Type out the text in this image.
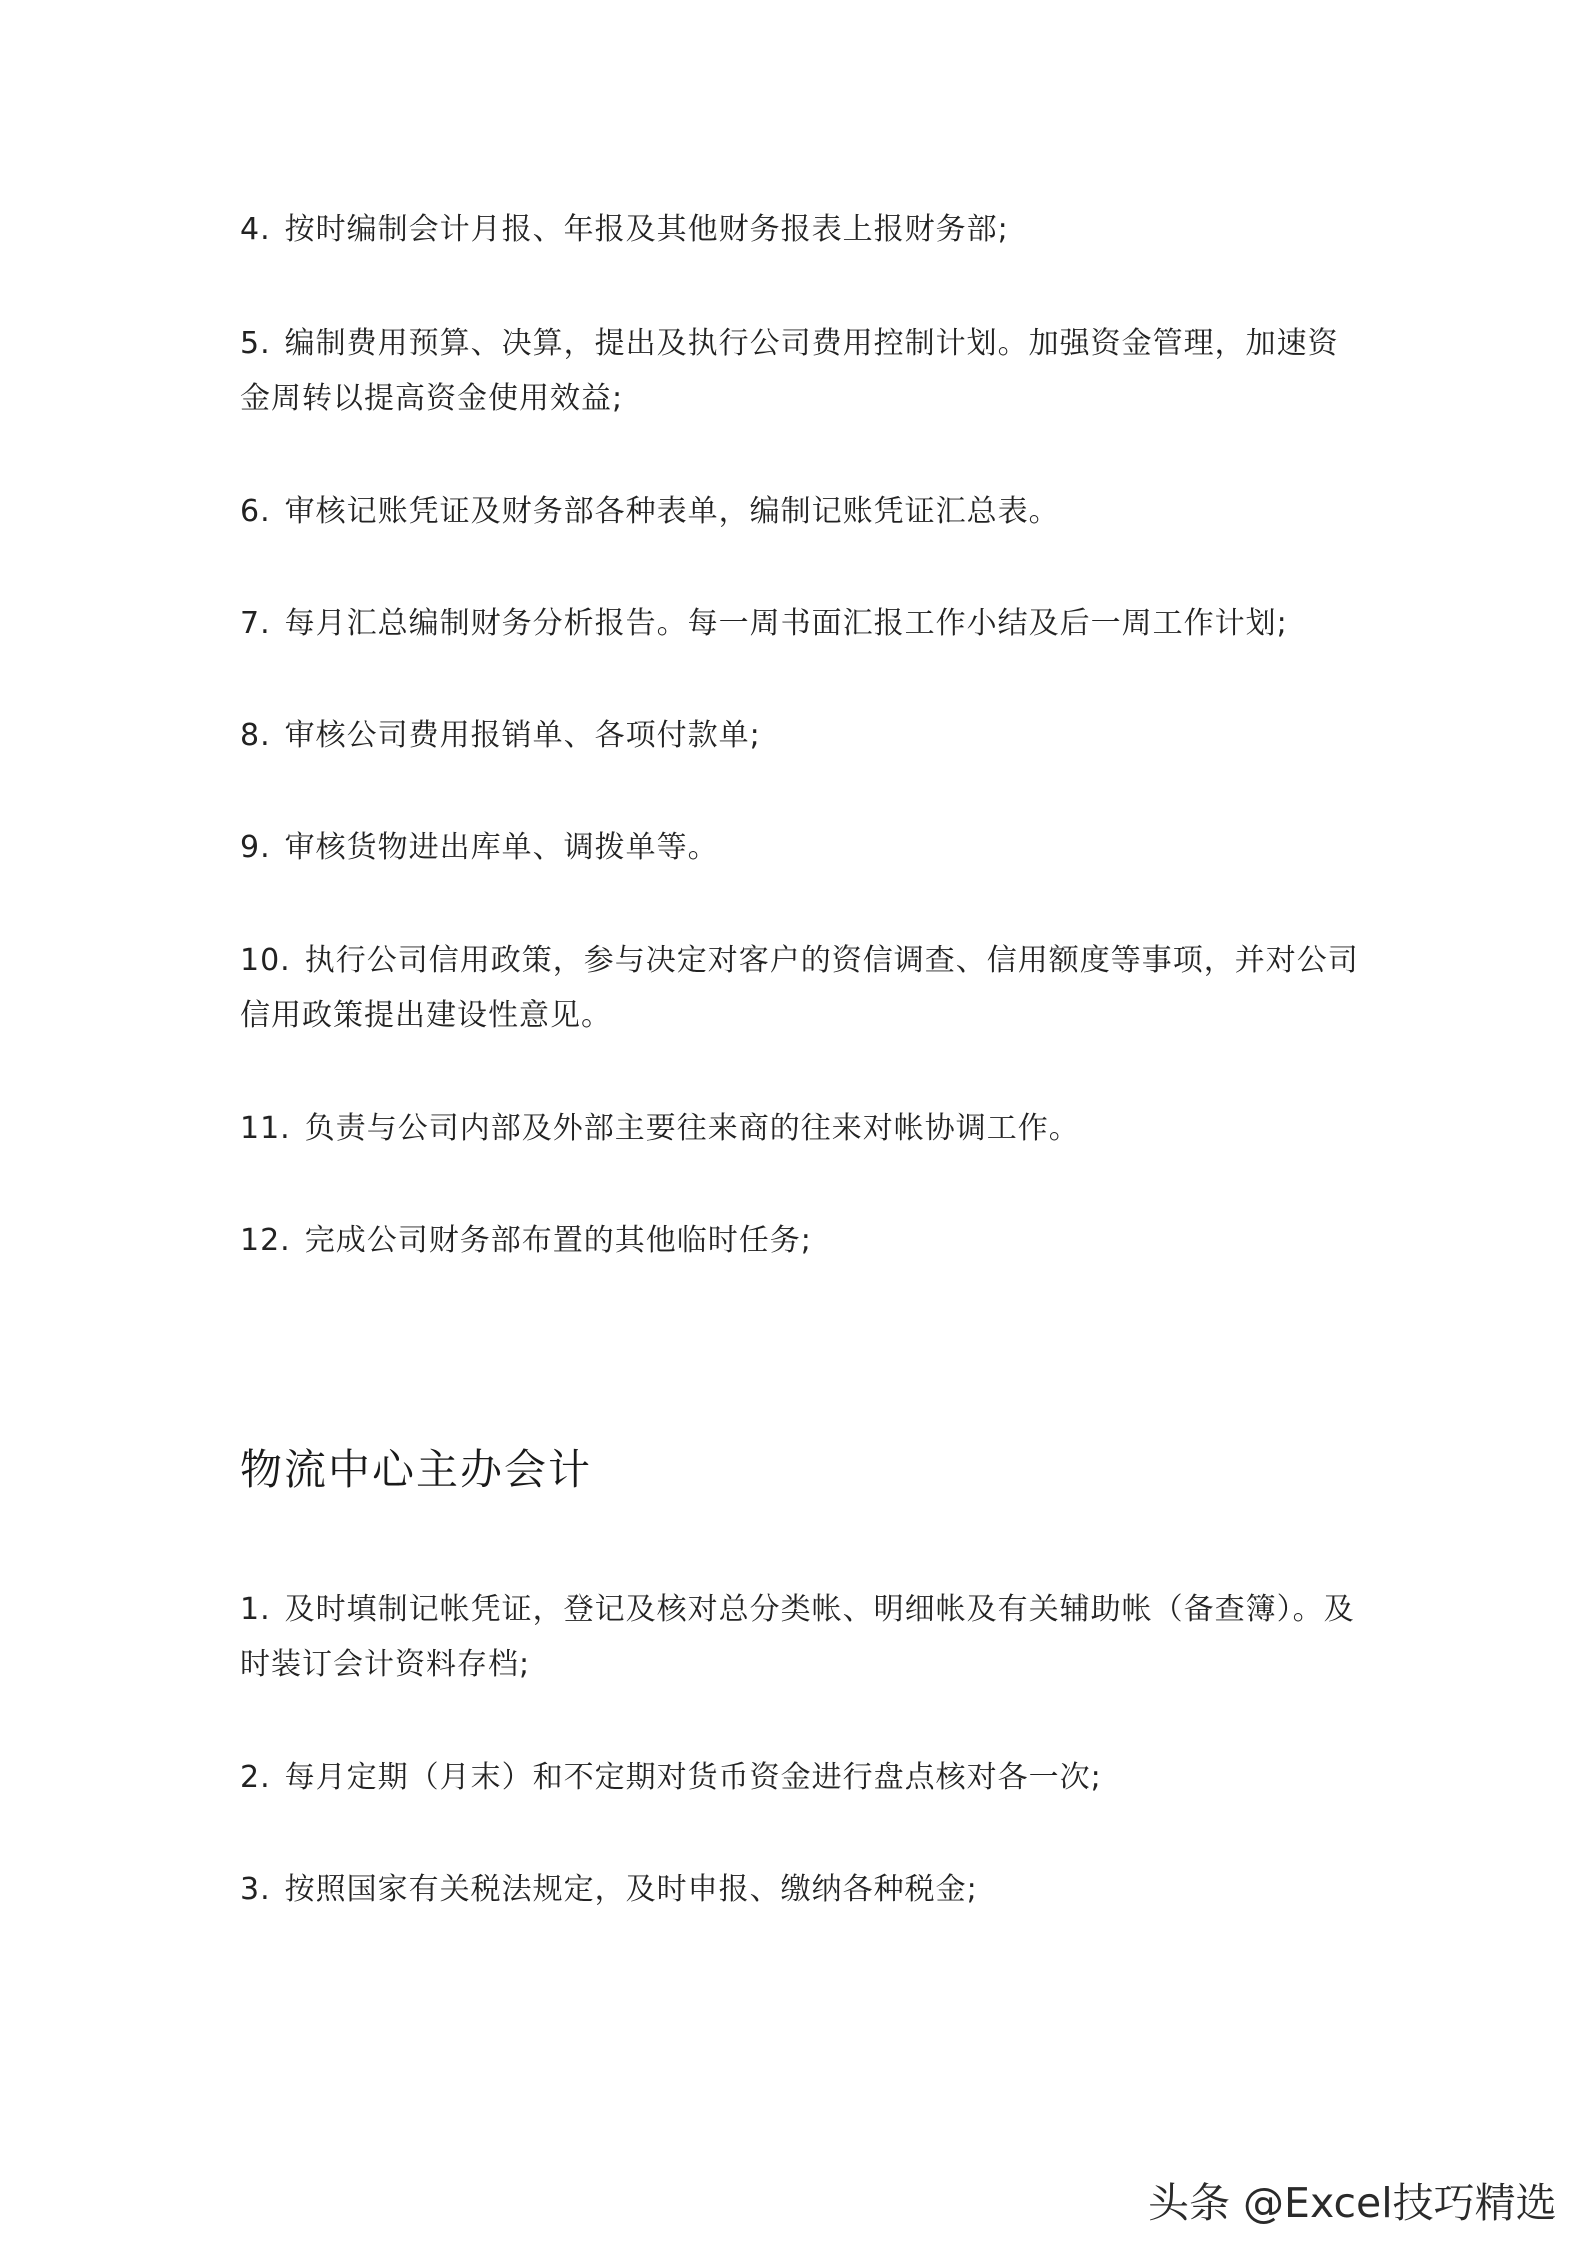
4. 按时编制会计月报、年报及其他财务报表上报财务部;

5. 编制费用预算、决算，提出及执行公司费用控制计划。加强资金管理，加速资金周转以提高资金使用效益;

6. 审核记账凭证及财务部各种表单，编制记账凭证汇总表。

7. 每月汇总编制财务分析报告。每一周书面汇报工作小结及后一周工作计划;

8. 审核公司费用报销单、各项付款单;

9. 审核货物进出库单、调拨单等。

10. 执行公司信用政策，参与决定对客户的资信调查、信用额度等事项，并对公司信用政策提出建设性意见。

11. 负责与公司内部及外部主要往来商的往来对帐协调工作。

12. 完成公司财务部布置的其他临时任务;

物流中心主办会计

1. 及时填制记帐凭证，登记及核对总分类帐、明细帐及有关辅助帐（备查簿）。及时装订会计资料存档;

2. 每月定期（月末）和不定期对货币资金进行盘点核对各一次;

3. 按照国家有关税法规定，及时申报、缴纳各种税金;

头条 @Excel技巧精选
